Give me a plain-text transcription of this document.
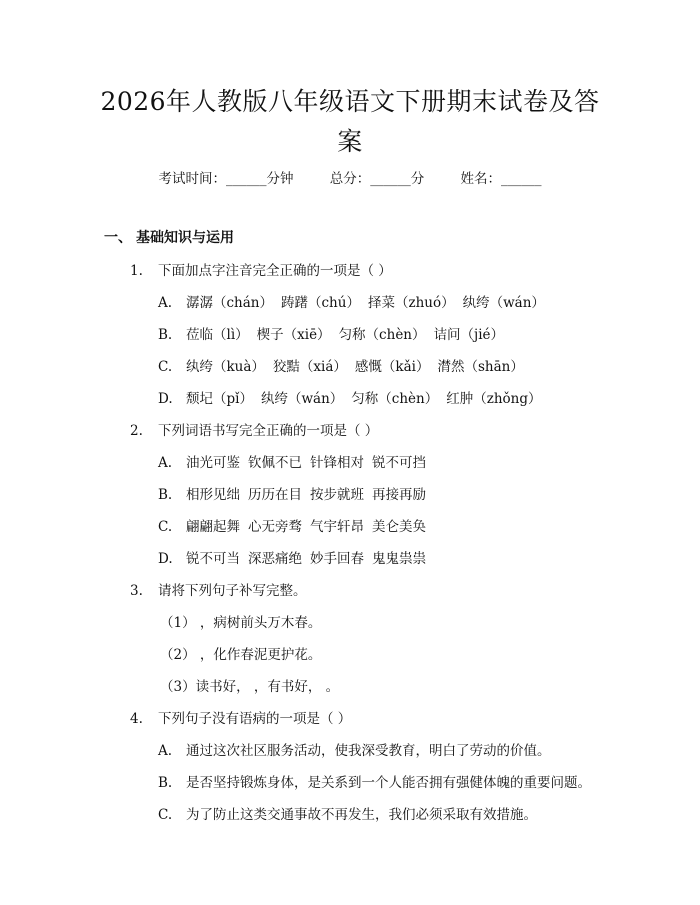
2026年人教版八年级语文下册期末试卷及答案
考试时间：______分钟	总分：______分	姓名：______
一、 基础知识与运用
1. 下面加点字注音完全正确的一项是（ ）
A. 潺潺（chán） 踌躇（chú） 择菜（zhuó） 纨绔（wán）
B. 莅临（lì） 楔子（xiē） 匀称（chèn） 诘问（jié）
C. 纨绔（kuà） 狡黠（xiá） 感慨（kǎi） 潸然（shān）
D. 颓圮（pǐ） 纨绔（wán） 匀称（chèn） 红肿（zhǒng）
2. 下列词语书写完全正确的一项是（ ）
A. 油光可鉴 钦佩不已 针锋相对 锐不可挡
B. 相形见绌 历历在目 按步就班 再接再励
C. 翩翩起舞 心无旁骛 气宇轩昂 美仑美奂
D. 锐不可当 深恶痛绝 妙手回春 鬼鬼祟祟
3. 请将下列句子补写完整。
（1） ，病树前头万木春。
（2） ，化作春泥更护花。
（3）读书好， ，有书好， 。
4. 下列句子没有语病的一项是（ ）
A. 通过这次社区服务活动，使我深受教育，明白了劳动的价值。
B. 是否坚持锻炼身体，是关系到一个人能否拥有强健体魄的重要问题。
C. 为了防止这类交通事故不再发生，我们必须采取有效措施。
